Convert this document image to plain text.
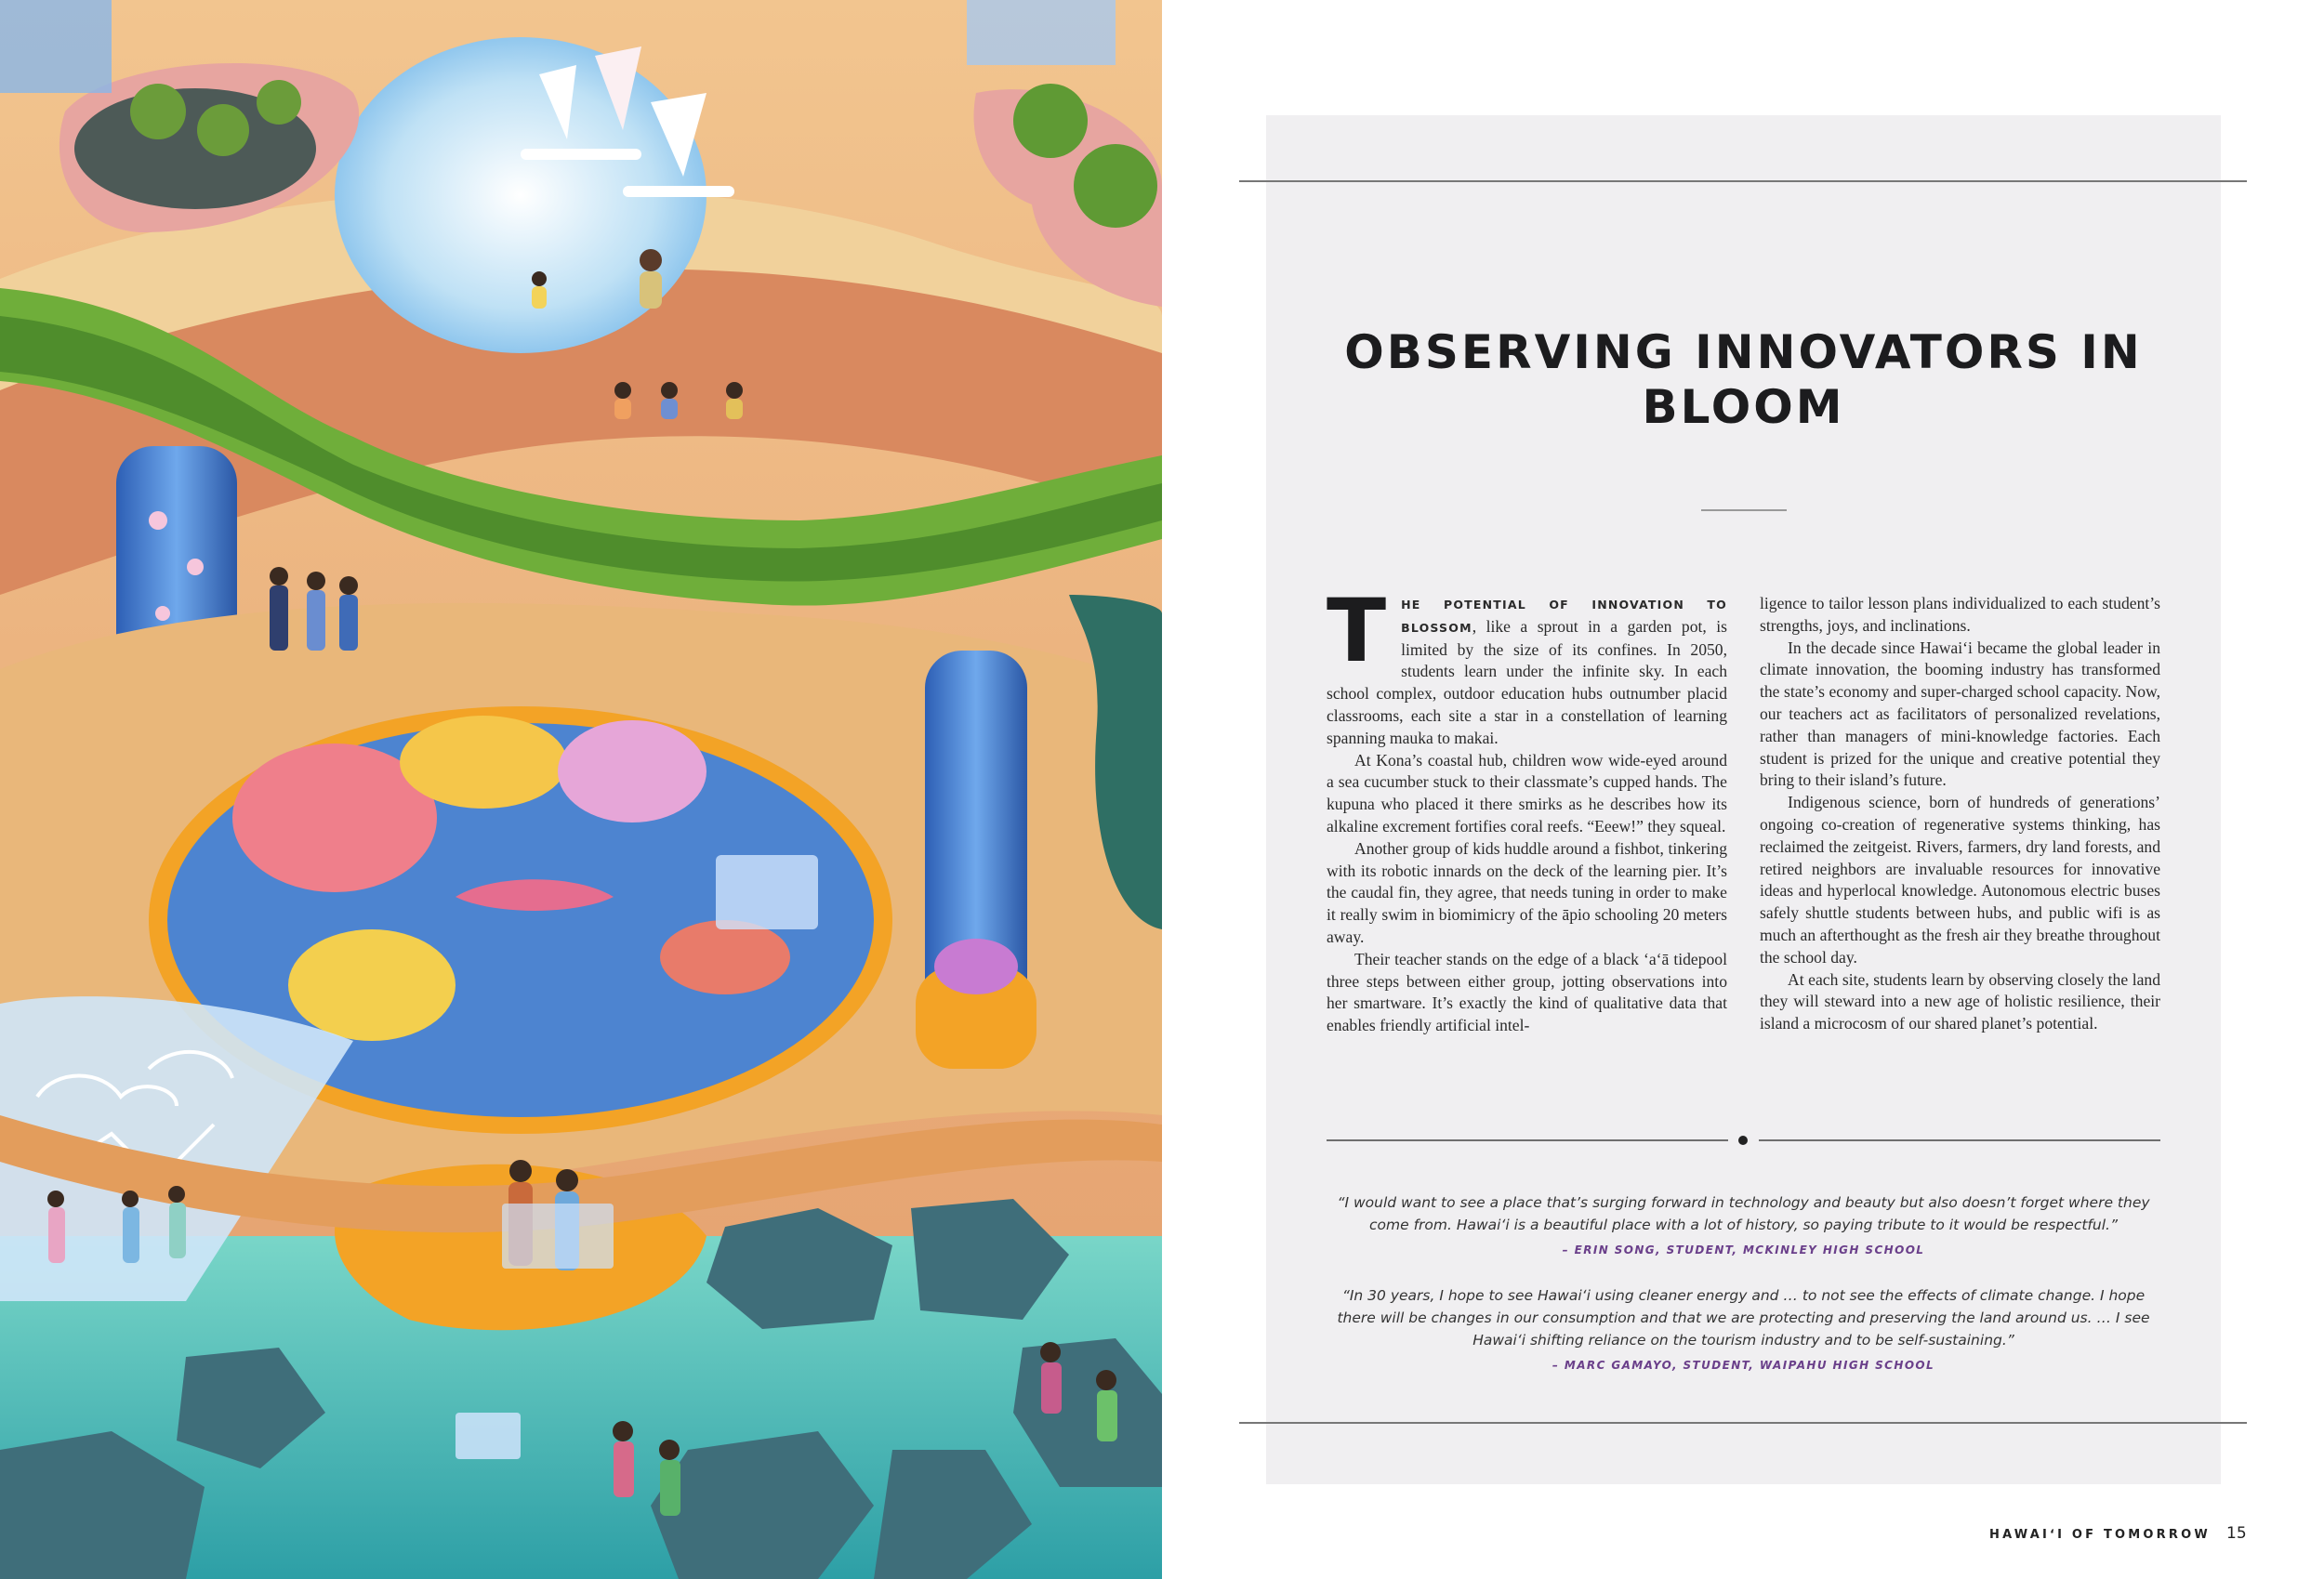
OBSERVING INNOVATORS IN BLOOM

T HE POTENTIAL OF INNOVATION TO BLOSSOM, like a sprout in a garden pot, is limited by the size of its confines. In 2050, students learn under the infinite sky. In each school complex, outdoor education hubs outnumber placid classrooms, each site a star in a constellation of learning spanning mauka to makai.

At Kona’s coastal hub, children wow wide-eyed around a sea cucumber stuck to their classmate’s cupped hands. The kupuna who placed it there smirks as he describes how its alkaline excrement fortifies coral reefs. “Eeew!” they squeal.

Another group of kids huddle around a fishbot, tinkering with its robotic innards on the deck of the learning pier. It’s the caudal fin, they agree, that needs tuning in order to make it really swim in biomimicry of the āpio schooling 20 meters away.

Their teacher stands on the edge of a black ʻaʻā tidepool three steps between either group, jotting observations into her smartware. It’s exactly the kind of qualitative data that enables friendly artificial intel-

ligence to tailor lesson plans individualized to each student’s strengths, joys, and inclinations.

In the decade since Hawaiʻi became the global leader in climate innovation, the booming industry has transformed the state’s economy and super-charged school capacity. Now, our teachers act as facilitators of personalized revelations, rather than managers of mini-knowledge factories. Each student is prized for the unique and creative potential they bring to their island’s future.

Indigenous science, born of hundreds of generations’ ongoing co-creation of regenerative systems thinking, has reclaimed the zeitgeist. Rivers, farmers, dry land forests, and retired neighbors are invaluable resources for innovative ideas and hyperlocal knowledge. Autonomous electric buses safely shuttle students between hubs, and public wifi is as much an afterthought as the fresh air they breathe throughout the school day.

At each site, students learn by observing closely the land they will steward into a new age of holistic resilience, their island a microcosm of our shared planet’s potential.

“I would want to see a place that’s surging forward in technology and beauty but also doesn’t forget where they come from. Hawaiʻi is a beautiful place with a lot of history, so paying tribute to it would be respectful.”

– ERIN SONG, STUDENT, MCKINLEY HIGH SCHOOL

“In 30 years, I hope to see Hawaiʻi using cleaner energy and … to not see the effects of climate change. I hope there will be changes in our consumption and that we are protecting and preserving the land around us. … I see Hawaiʻi shifting reliance on the tourism industry and to be self-sustaining.”

– MARC GAMAYO, STUDENT, WAIPAHU HIGH SCHOOL

HAWAIʻI OF TOMORROW 15
